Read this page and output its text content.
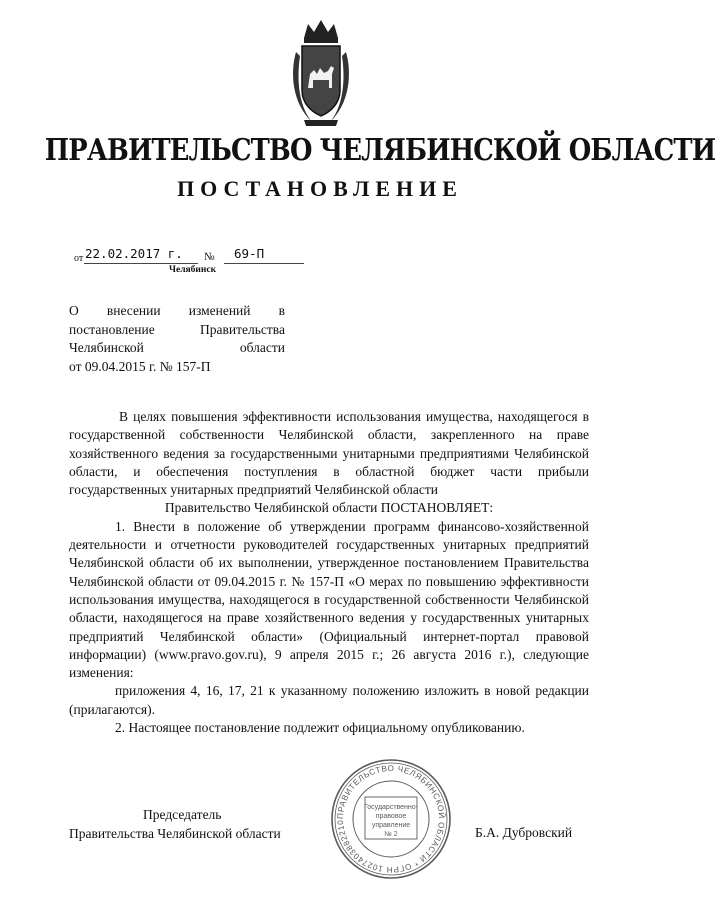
ПРАВИТЕЛЬСТВО ЧЕЛЯБИНСКОЙ ОБЛАСТИ
ПОСТАНОВЛЕНИЕ
от 22.02.2017 г. № 69-П
Челябинск
О внесении изменений в
постановление Правительства
Челябинской области
от 09.04.2015 г. № 157-П

В целях повышения эффективности использования имущества, находящегося в государственной собственности Челябинской области, закрепленного на праве хозяйственного ведения за государственными унитарными предприятиями Челябинской области, и обеспечения поступления в областной бюджет части прибыли государственных унитарных предприятий Челябинской области

Правительство Челябинской области ПОСТАНОВЛЯЕТ:

1. Внести в положение об утверждении программ финансово-хозяйственной деятельности и отчетности руководителей государственных унитарных предприятий Челябинской области об их выполнении, утвержденное постановлением Правительства Челябинской области от 09.04.2015 г. № 157-П «О мерах по повышению эффективности использования имущества, находящегося в государственной собственности Челябинской области, находящегося на праве хозяйственного ведения у государственных унитарных предприятий Челябинской области» (Официальный интернет-портал правовой информации) (www.pravo.gov.ru), 9 апреля 2015 г.; 26 августа 2016 г.), следующие изменения:

приложения 4, 16, 17, 21 к указанному положению изложить в новой редакции (прилагаются).

2. Настоящее постановление подлежит официальному опубликованию.

Председатель
Правительства Челябинской области	Б.А. Дубровский
ПРАВИТЕЛЬСТВО ЧЕЛЯБИНСКОЙ ОБЛАСТИ * ОГРН 1027403882210
Государственно-
правовое
управление
№ 2
